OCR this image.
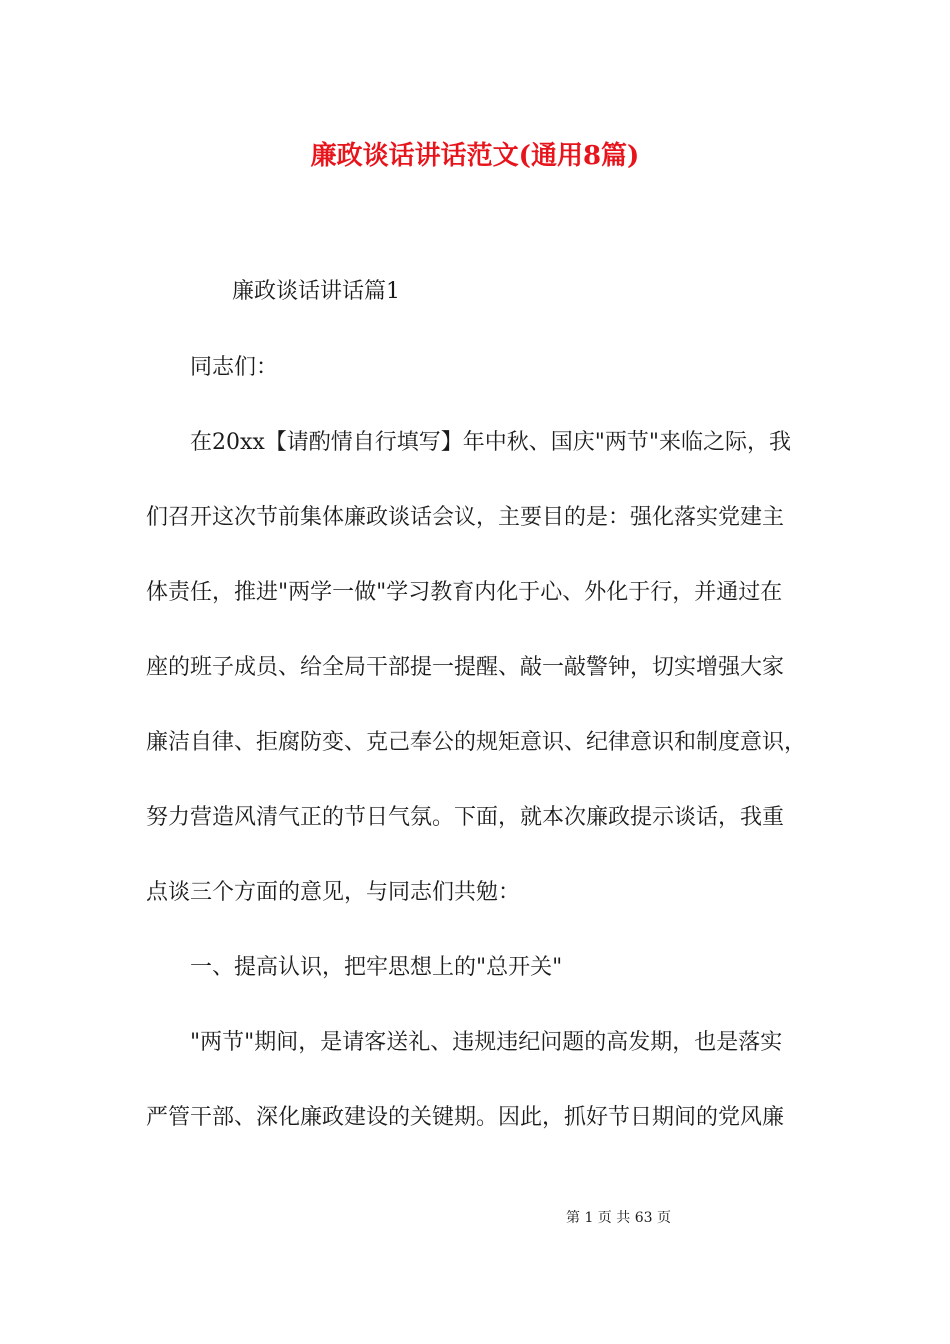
廉政谈话讲话范文(通用8篇)

廉政谈话讲话篇1

同志们：

在20xx【请酌情自行填写】年中秋、国庆"两节"来临之际，我
们召开这次节前集体廉政谈话会议，主要目的是：强化落实党建主
体责任，推进"两学一做"学习教育内化于心、外化于行，并通过在
座的班子成员、给全局干部提一提醒、敲一敲警钟，切实增强大家
廉洁自律、拒腐防变、克己奉公的规矩意识、纪律意识和制度意识，
努力营造风清气正的节日气氛。下面，就本次廉政提示谈话，我重
点谈三个方面的意见，与同志们共勉：

一、提高认识，把牢思想上的"总开关"

"两节"期间，是请客送礼、违规违纪问题的高发期，也是落实
严管干部、深化廉政建设的关键期。因此，抓好节日期间的党风廉
第 1 页 共 63 页
